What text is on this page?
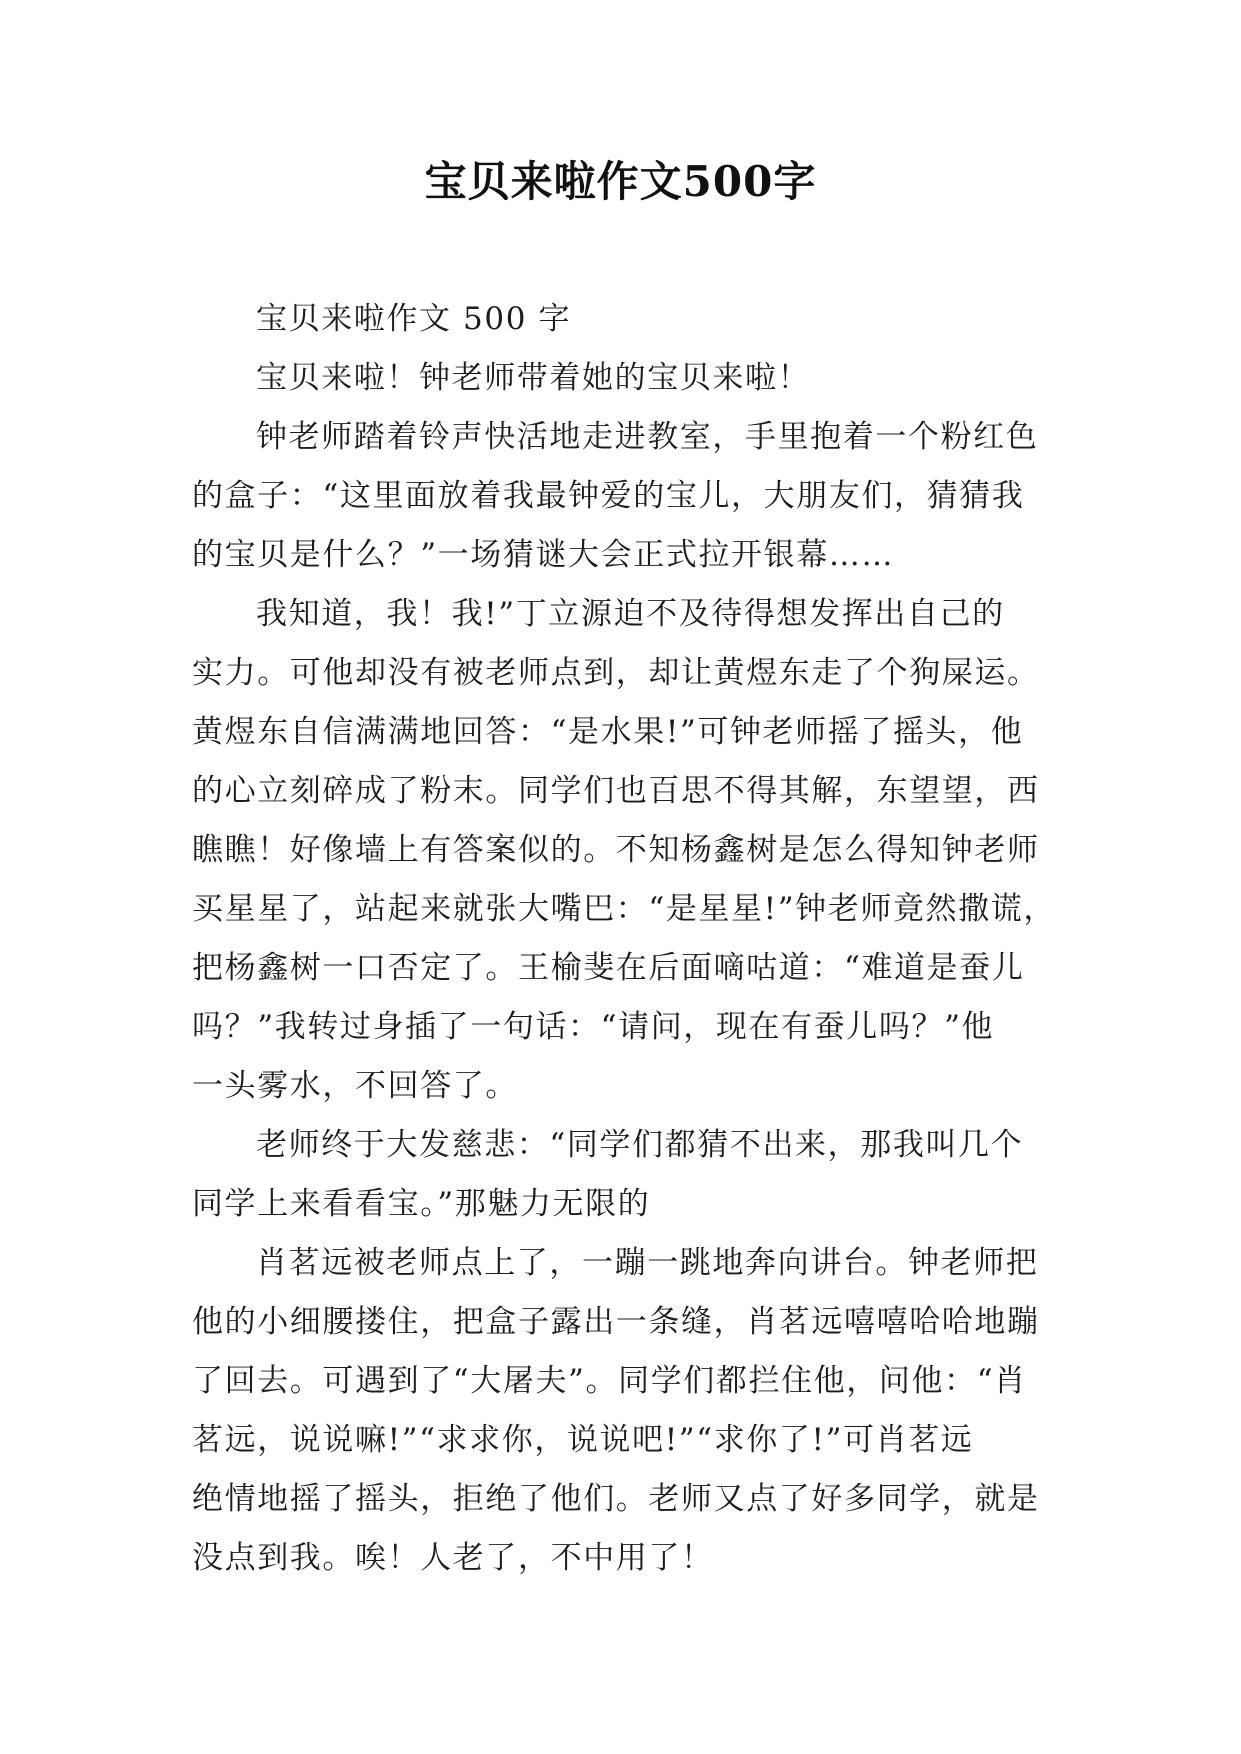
宝贝来啦作文500字
宝贝来啦作文 500 字
宝贝来啦！钟老师带着她的宝贝来啦！
钟老师踏着铃声快活地走进教室，手里抱着一个粉红色
的盒子：“这里面放着我最钟爱的宝儿，大朋友们，猜猜我
的宝贝是什么？”一场猜谜大会正式拉开银幕……
我知道，我！我!”丁立源迫不及待得想发挥出自己的
实力。可他却没有被老师点到，却让黄煜东走了个狗屎运。
黄煜东自信满满地回答：“是水果!”可钟老师摇了摇头，他
的心立刻碎成了粉末。同学们也百思不得其解，东望望，西
瞧瞧！好像墙上有答案似的。不知杨鑫树是怎么得知钟老师
买星星了，站起来就张大嘴巴：“是星星!”钟老师竟然撒谎，
把杨鑫树一口否定了。王榆斐在后面嘀咕道：“难道是蚕儿
吗？”我转过身插了一句话：“请问，现在有蚕儿吗？”他
一头雾水，不回答了。
老师终于大发慈悲：“同学们都猜不出来，那我叫几个
同学上来看看宝。”那魅力无限的
肖茗远被老师点上了，一蹦一跳地奔向讲台。钟老师把
他的小细腰搂住，把盒子露出一条缝，肖茗远嘻嘻哈哈地蹦
了回去。可遇到了“大屠夫”。同学们都拦住他，问他：“肖
茗远，说说嘛!”“求求你，说说吧!”“求你了!”可肖茗远
绝情地摇了摇头，拒绝了他们。老师又点了好多同学，就是
没点到我。唉！人老了，不中用了！
